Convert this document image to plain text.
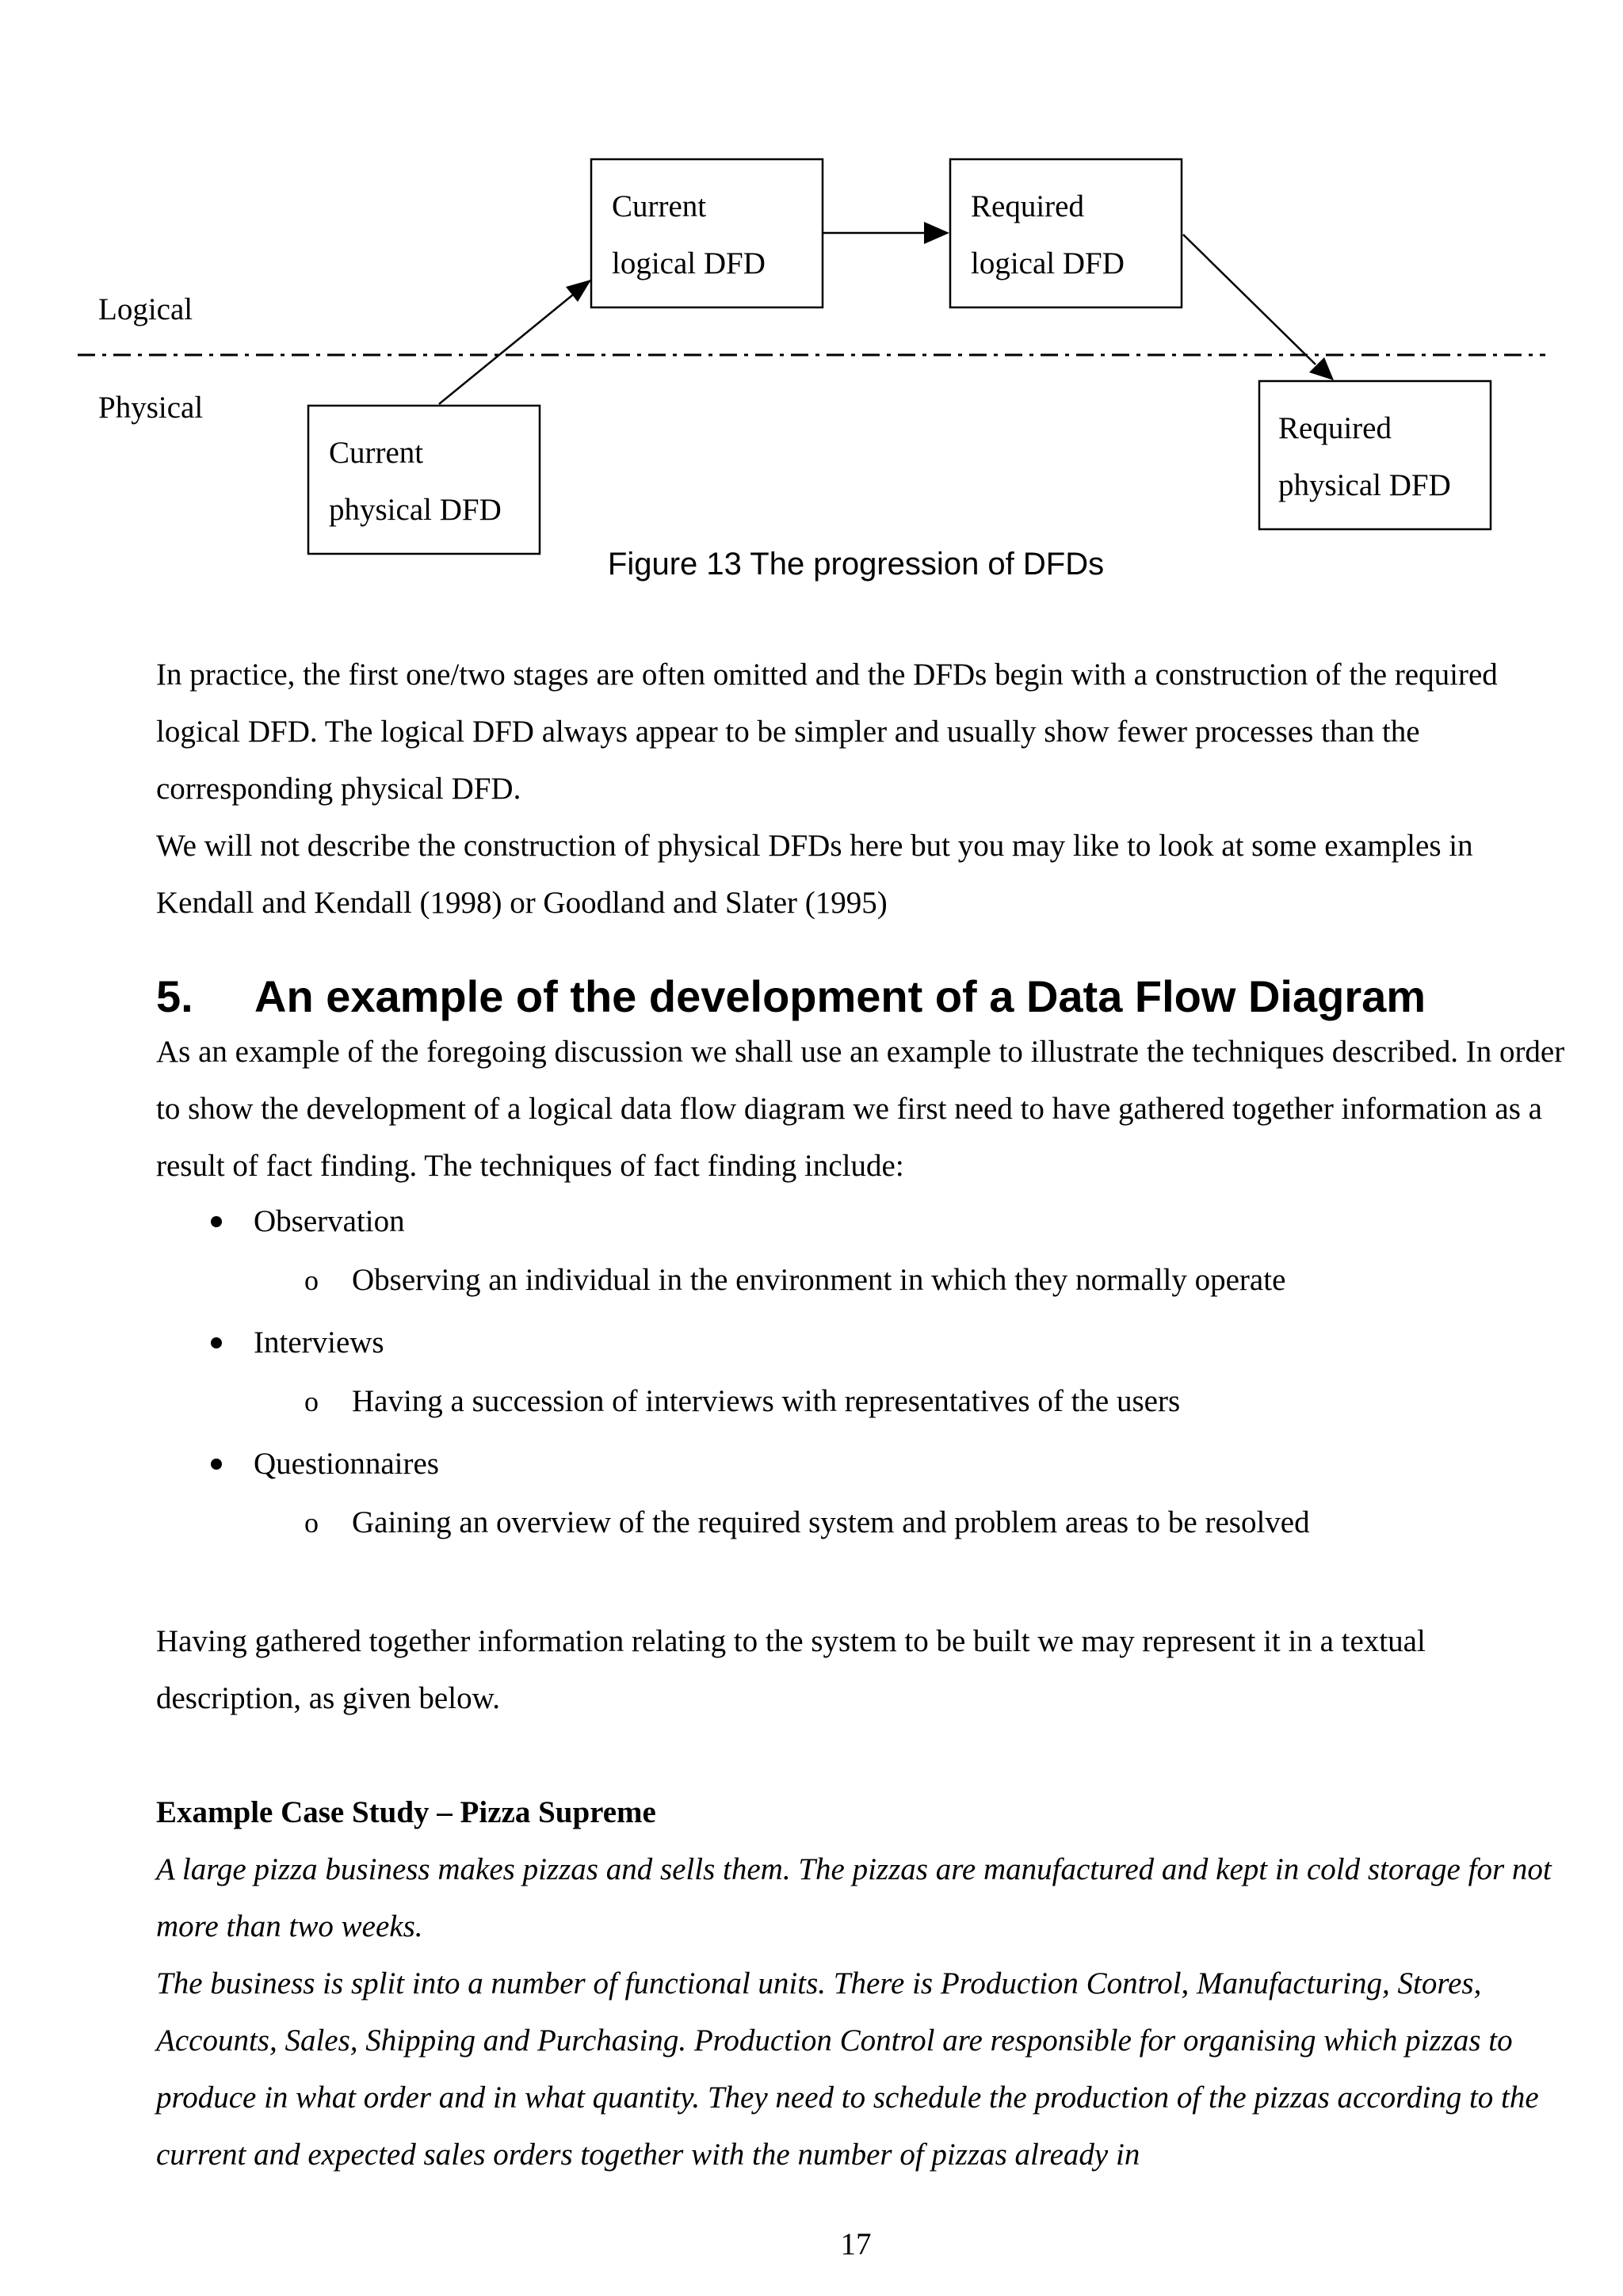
Logical
Physical
Current
logical DFD
Required
logical DFD
Current
physical DFD
Required
physical DFD
Figure 13 The progression of DFDs

In practice, the first one/two stages are often omitted and the DFDs begin with a construction of the required logical DFD. The logical DFD always appear to be simpler and usually show fewer processes than the corresponding physical DFD.

We will not describe the construction of physical DFDs here but you may like to look at some examples in Kendall and Kendall (1998) or Goodland and Slater (1995)

5. An example of the development of a Data Flow Diagram
As an example of the foregoing discussion we shall use an example to illustrate the techniques described. In order to show the development of a logical data flow diagram we first need to have gathered together information as a result of fact finding. The techniques of fact finding include:
Observation
o Observing an individual in the environment in which they normally operate
Interviews
o Having a succession of interviews with representatives of the users
Questionnaires
o Gaining an overview of the required system and problem areas to be resolved
Having gathered together information relating to the system to be built we may represent it in a textual description, as given below.
Example Case Study – Pizza Supreme

A large pizza business makes pizzas and sells them. The pizzas are manufactured and kept in cold storage for not more than two weeks.

The business is split into a number of functional units. There is Production Control, Manufacturing, Stores, Accounts, Sales, Shipping and Purchasing. Production Control are responsible for organising which pizzas to produce in what order and in what quantity. They need to schedule the production of the pizzas according to the current and expected sales orders together with the number of pizzas already in

17
